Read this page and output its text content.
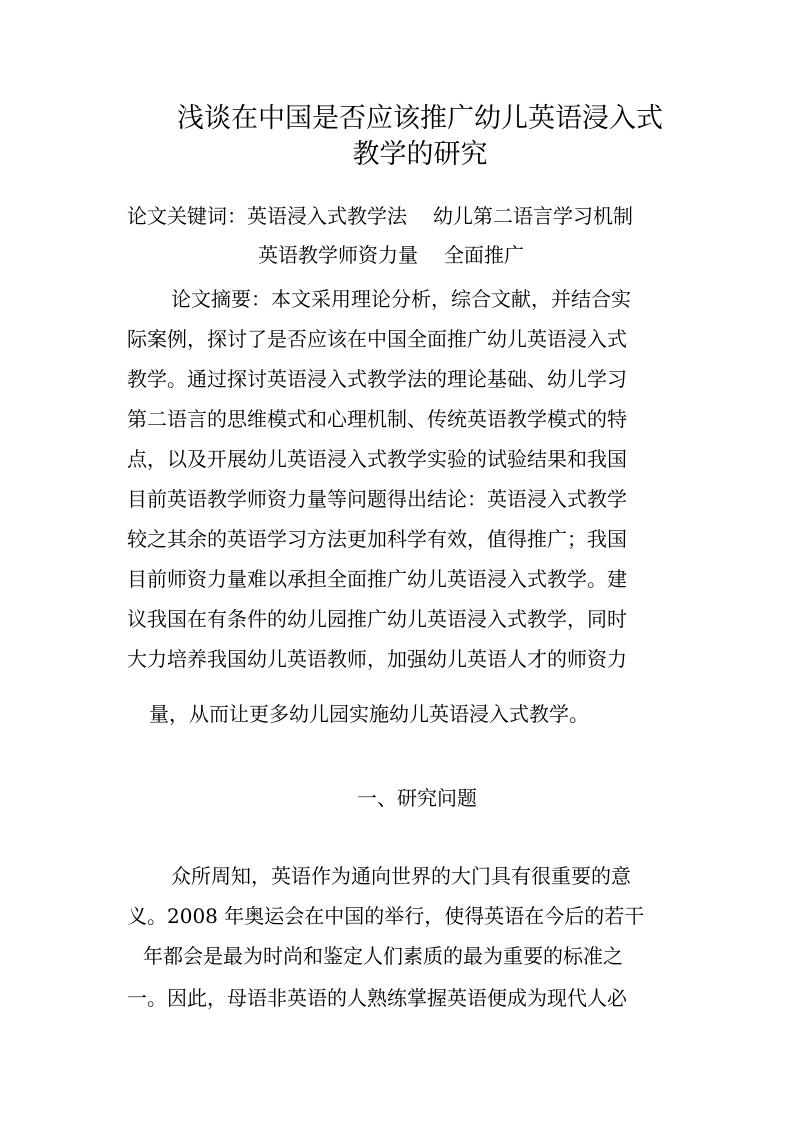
浅谈在中国是否应该推广幼儿英语浸入式
教学的研究
论文关键词：英语浸入式教学法 幼儿第二语言学习机制
英语教学师资力量 全面推广
论文摘要：本文采用理论分析，综合文献，并结合实
际案例，探讨了是否应该在中国全面推广幼儿英语浸入式
教学。通过探讨英语浸入式教学法的理论基础、幼儿学习
第二语言的思维模式和心理机制、传统英语教学模式的特
点，以及开展幼儿英语浸入式教学实验的试验结果和我国
目前英语教学师资力量等问题得出结论：英语浸入式教学
较之其余的英语学习方法更加科学有效，值得推广；我国
目前师资力量难以承担全面推广幼儿英语浸入式教学。建
议我国在有条件的幼儿园推广幼儿英语浸入式教学，同时
大力培养我国幼儿英语教师，加强幼儿英语人才的师资力
量，从而让更多幼儿园实施幼儿英语浸入式教学。
一、研究问题
众所周知，英语作为通向世界的大门具有很重要的意
义。2008 年奥运会在中国的举行，使得英语在今后的若干
年都会是最为时尚和鉴定人们素质的最为重要的标准之
一。因此，母语非英语的人熟练掌握英语便成为现代人必
